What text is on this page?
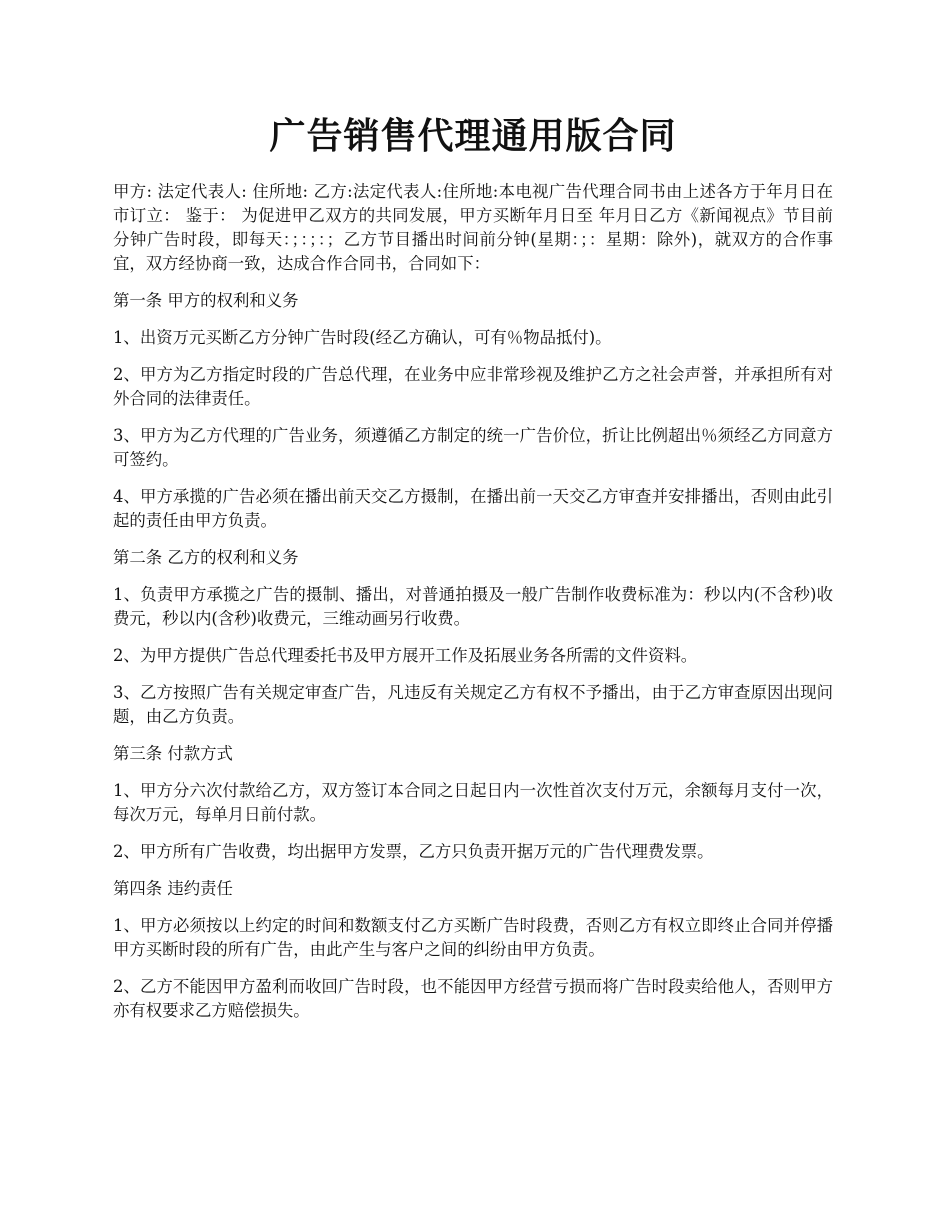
广告销售代理通用版合同

甲方: 法定代表人: 住所地: 乙方:法定代表人:住所地:本电视广告代理合同书由上述各方于年月日在市订立： 鉴于： 为促进甲乙双方的共同发展，甲方买断年月日至 年月日乙方《新闻视点》节目前分钟广告时段，即每天：；：；：；乙方节目播出时间前分钟(星期：；：星期：除外)，就双方的合作事宜，双方经协商一致，达成合作合同书，合同如下：

第一条 甲方的权利和义务

1、出资万元买断乙方分钟广告时段(经乙方确认，可有％物品抵付)。

2、甲方为乙方指定时段的广告总代理，在业务中应非常珍视及维护乙方之社会声誉，并承担所有对外合同的法律责任。

3、甲方为乙方代理的广告业务，须遵循乙方制定的统一广告价位，折让比例超出％须经乙方同意方可签约。

4、甲方承揽的广告必须在播出前天交乙方摄制，在播出前一天交乙方审查并安排播出，否则由此引起的责任由甲方负责。

第二条 乙方的权利和义务

1、负责甲方承揽之广告的摄制、播出，对普通拍摄及一般广告制作收费标准为：秒以内(不含秒)收费元，秒以内(含秒)收费元，三维动画另行收费。

2、为甲方提供广告总代理委托书及甲方展开工作及拓展业务各所需的文件资料。

3、乙方按照广告有关规定审查广告，凡违反有关规定乙方有权不予播出，由于乙方审查原因出现问题，由乙方负责。

第三条 付款方式

1、甲方分六次付款给乙方，双方签订本合同之日起日内一次性首次支付万元，余额每月支付一次，每次万元，每单月日前付款。

2、甲方所有广告收费，均出据甲方发票，乙方只负责开据万元的广告代理费发票。

第四条 违约责任

1、甲方必须按以上约定的时间和数额支付乙方买断广告时段费，否则乙方有权立即终止合同并停播甲方买断时段的所有广告，由此产生与客户之间的纠纷由甲方负责。

2、乙方不能因甲方盈利而收回广告时段，也不能因甲方经营亏损而将广告时段卖给他人，否则甲方亦有权要求乙方赔偿损失。
